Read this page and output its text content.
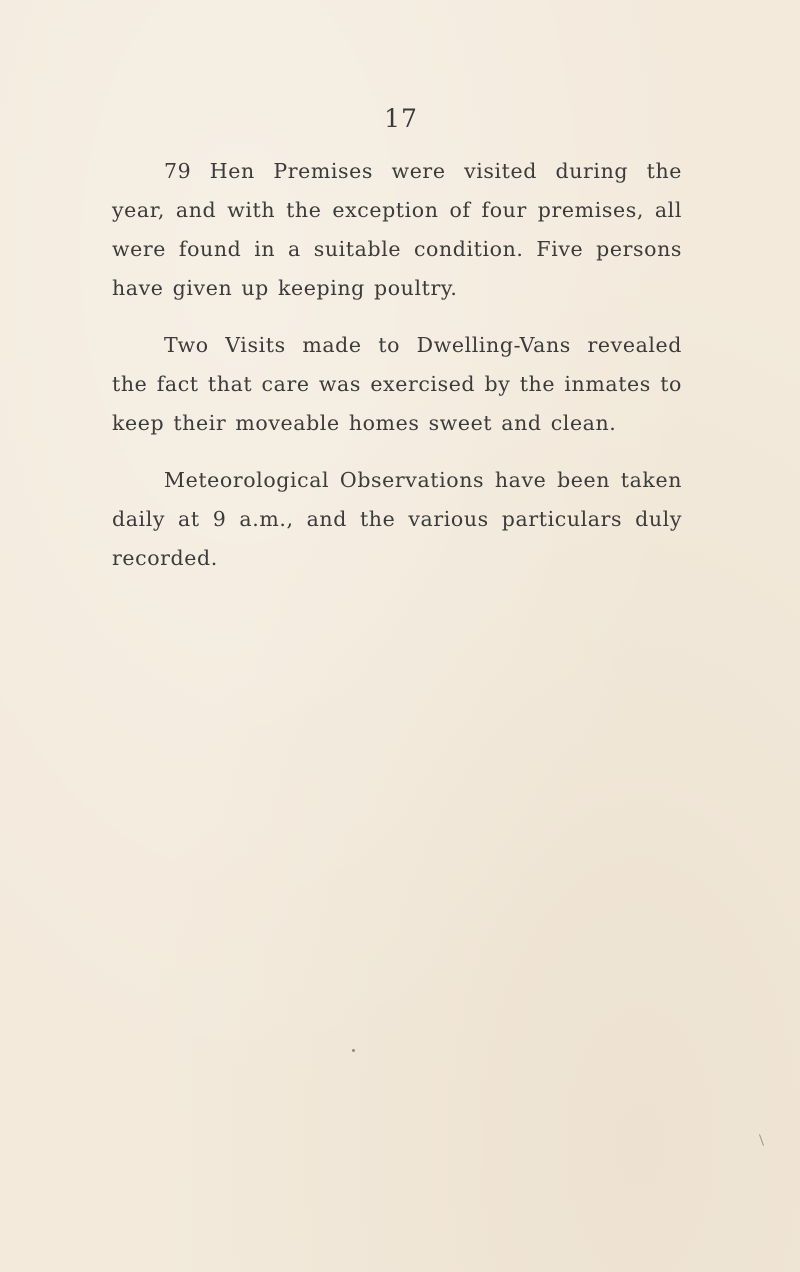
17

79 Hen Premises were visited during the year, and with the exception of four premises, all were found in a suitable condition. Five persons have given up keeping poultry.

Two Visits made to Dwelling-Vans revealed the fact that care was exercised by the inmates to keep their moveable homes sweet and clean.

Meteorological Observations have been taken daily at 9 a.m., and the various particulars duly recorded.
